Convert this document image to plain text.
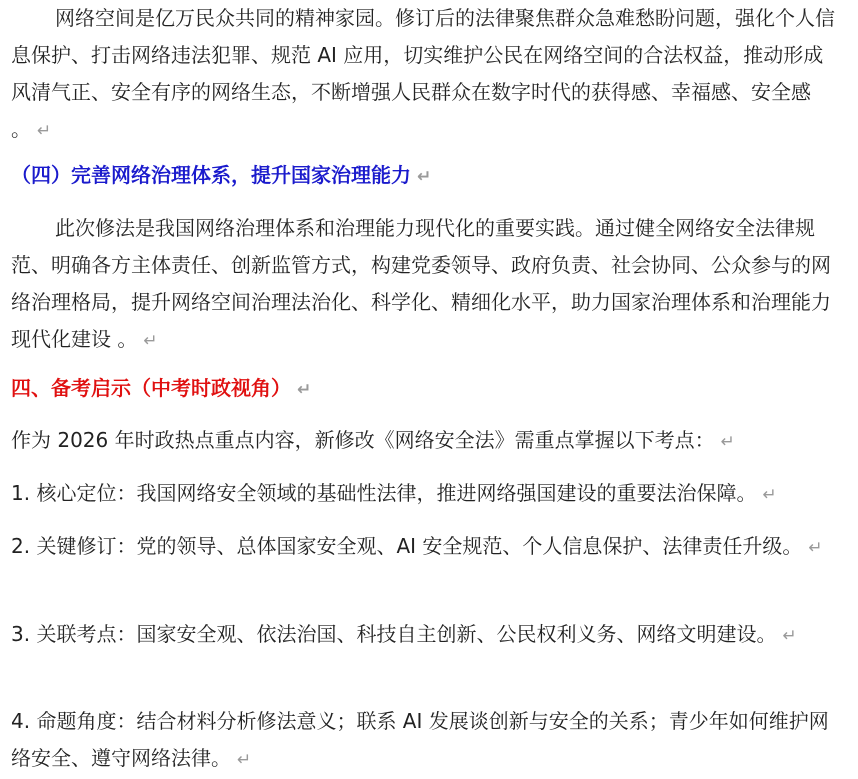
网络空间是亿万民众共同的精神家园。修订后的法律聚焦群众急难愁盼问题，强化个人信息保护、打击网络违法犯罪、规范 AI 应用，切实维护公民在网络空间的合法权益，推动形成风清气正、安全有序的网络生态，不断增强人民群众在数字时代的获得感、幸福感、安全感 。 ↵

（四）完善网络治理体系，提升国家治理能力 ↵

此次修法是我国网络治理体系和治理能力现代化的重要实践。通过健全网络安全法律规范、明确各方主体责任、创新监管方式，构建党委领导、政府负责、社会协同、公众参与的网络治理格局，提升网络空间治理法治化、科学化、精细化水平，助力国家治理体系和治理能力现代化建设 。 ↵

四、备考启示（中考时政视角） ↵

作为 2026 年时政热点重点内容，新修改《网络安全法》需重点掌握以下考点： ↵

1. 核心定位：我国网络安全领域的基础性法律，推进网络强国建设的重要法治保障。 ↵

2. 关键修订：党的领导、总体国家安全观、AI 安全规范、个人信息保护、法律责任升级。 ↵

3. 关联考点：国家安全观、依法治国、科技自主创新、公民权利义务、网络文明建设。 ↵

4. 命题角度：结合材料分析修法意义；联系 AI 发展谈创新与安全的关系；青少年如何维护网络安全、遵守网络法律。 ↵
